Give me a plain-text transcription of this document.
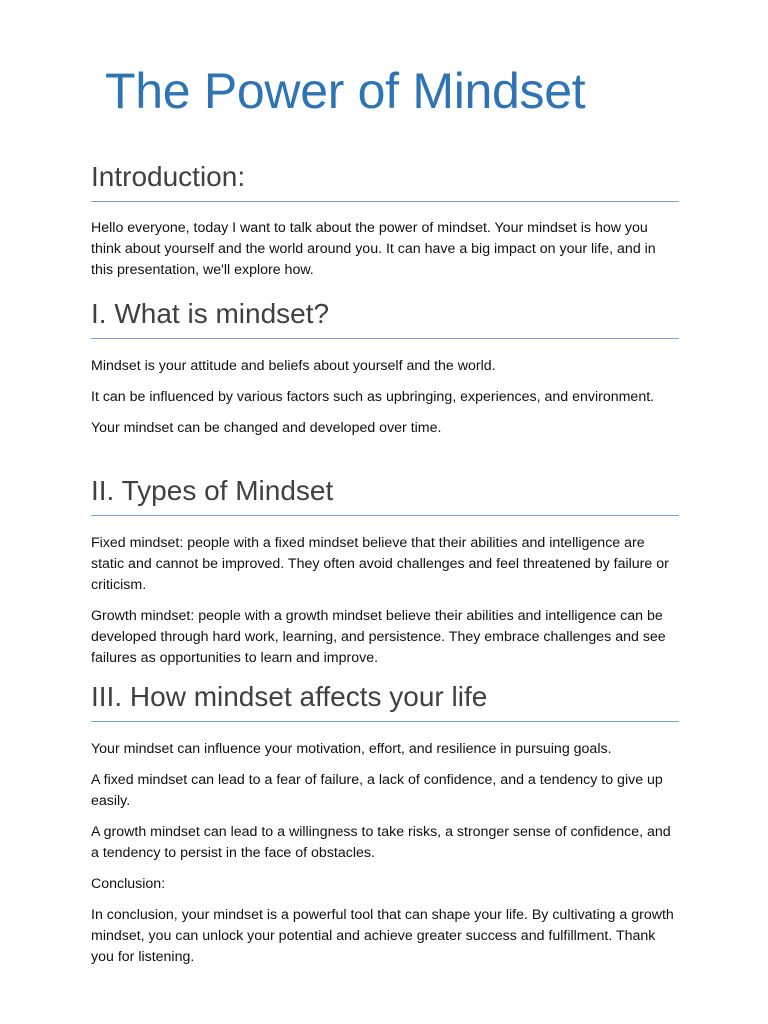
The Power of Mindset
Introduction:

Hello everyone, today I want to talk about the power of mindset. Your mindset is how you think about yourself and the world around you. It can have a big impact on your life, and in this presentation, we'll explore how.

I. What is mindset?

Mindset is your attitude and beliefs about yourself and the world.

It can be influenced by various factors such as upbringing, experiences, and environment.

Your mindset can be changed and developed over time.

II. Types of Mindset

Fixed mindset: people with a fixed mindset believe that their abilities and intelligence are static and cannot be improved. They often avoid challenges and feel threatened by failure or criticism.

Growth mindset: people with a growth mindset believe their abilities and intelligence can be developed through hard work, learning, and persistence. They embrace challenges and see failures as opportunities to learn and improve.

III. How mindset affects your life

Your mindset can influence your motivation, effort, and resilience in pursuing goals.

A fixed mindset can lead to a fear of failure, a lack of confidence, and a tendency to give up easily.

A growth mindset can lead to a willingness to take risks, a stronger sense of confidence, and a tendency to persist in the face of obstacles.

Conclusion:

In conclusion, your mindset is a powerful tool that can shape your life. By cultivating a growth mindset, you can unlock your potential and achieve greater success and fulfillment. Thank you for listening.
